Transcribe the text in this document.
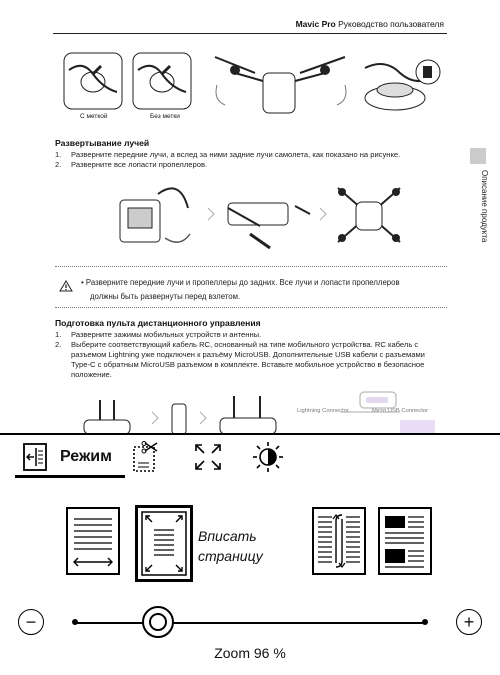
Mavic Pro Руководство пользователя
Описание продукта
С меткой	Без метки
Развертывание лучей
1. Разверните передние лучи, а вслед за ними задние лучи самолета, как показано на рисунке.
2. Разверните все лопасти пропеллеров.
• Разверните передние лучи и пропеллеры до задних. Все лучи и лопасти пропеллеров
должны быть развернуты перед взлетом.
Подготовка пульта дистанционного управления
1. Разверните зажимы мобильных устройств и антенны.
2. Выберите соответствующий кабель RC, основанный на типе мобильного устройства. RC кабель с
разъемом Lightning уже подключен к разъёму MicroUSB. Дополнительные USB кабели с разъемами
Type-C с обратным MicroUSB разъемом в комплекте. Вставьте мобильное устройство в безопасное
положение.
Lightning Connector	Micro USB Connector
Режим
Вписать
страницу
−	+
Zoom 96 %
